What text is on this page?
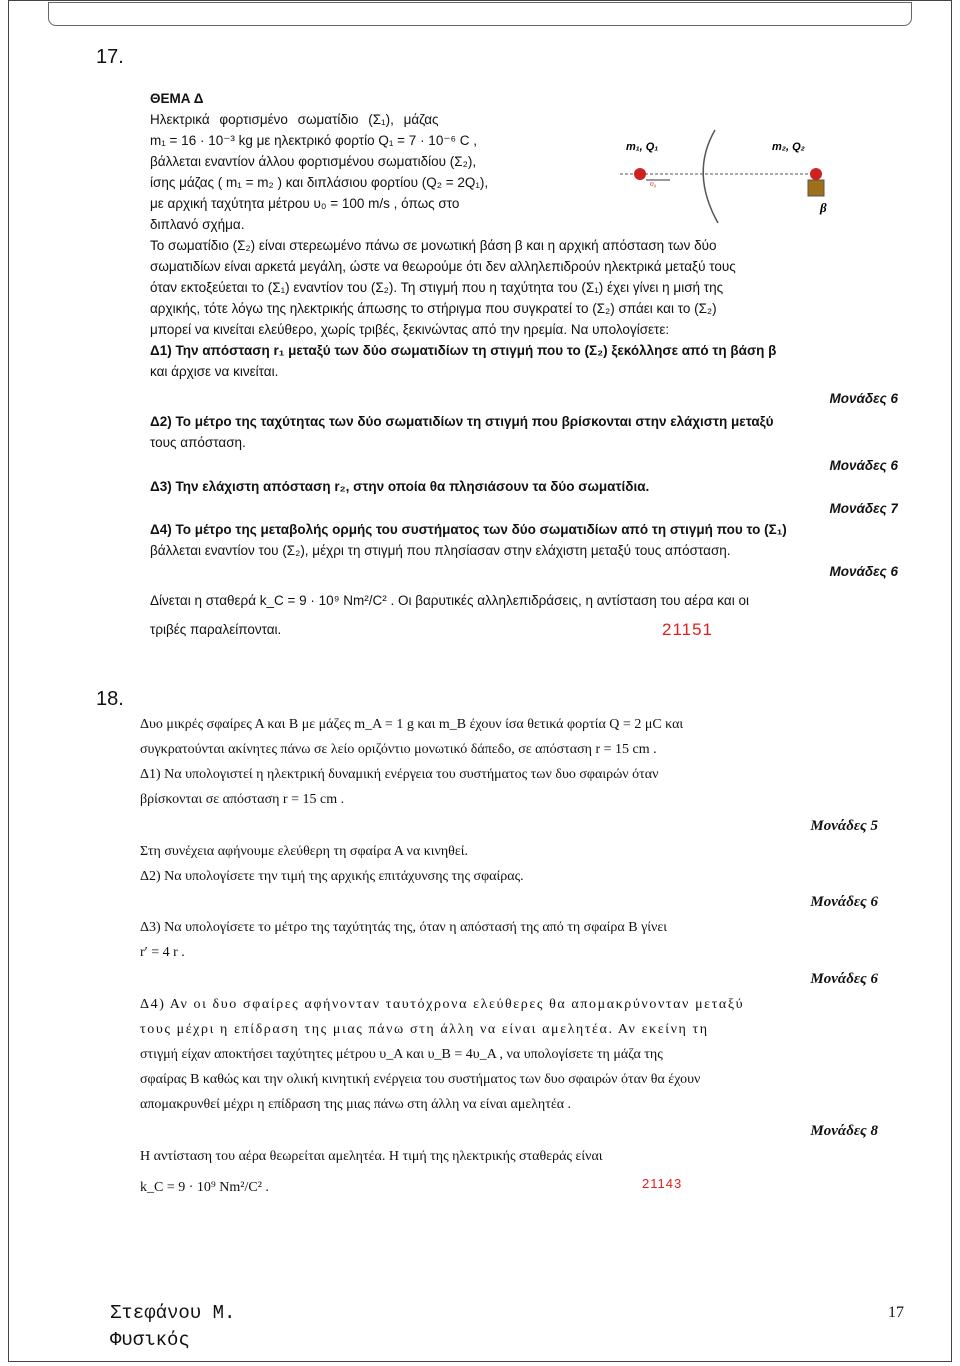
17.
ΘΕΜΑ Δ
Ηλεκτρικά φορτισμένο σωματίδιο (Σ₁), μάζας
m₁ = 16 · 10⁻³ kg με ηλεκτρικό φορτίο Q₁ = 7 · 10⁻⁶ C ,
βάλλεται εναντίον άλλου φορτισμένου σωματιδίου (Σ₂),
ίσης μάζας ( m₁ = m₂ ) και διπλάσιου φορτίου (Q₂ = 2Q₁),
με αρχική ταχύτητα μέτρου υ₀ = 100 m/s , όπως στο
διπλανό σχήμα.
Το σωματίδιο (Σ₂) είναι στερεωμένο πάνω σε μονωτική βάση β και η αρχική απόσταση των δύο
σωματιδίων είναι αρκετά μεγάλη, ώστε να θεωρούμε ότι δεν αλληλεπιδρούν ηλεκτρικά μεταξύ τους
όταν εκτοξεύεται το (Σ₁) εναντίον του (Σ₂). Τη στιγμή που η ταχύτητα του (Σ₁) έχει γίνει η μισή της
αρχικής, τότε λόγω της ηλεκτρικής άπωσης το στήριγμα που συγκρατεί το (Σ₂) σπάει και το (Σ₂)
μπορεί να κινείται ελεύθερο, χωρίς τριβές, ξεκινώντας από την ηρεμία. Να υπολογίσετε:
Δ1) Την απόσταση r₁ μεταξύ των δύο σωματιδίων τη στιγμή που το (Σ₂) ξεκόλλησε από τη βάση β
και άρχισε να κινείται.
Μονάδες 6
Δ2) Το μέτρο της ταχύτητας των δύο σωματιδίων τη στιγμή που βρίσκονται στην ελάχιστη μεταξύ
τους απόσταση.
Μονάδες 6
Δ3) Την ελάχιστη απόσταση r₂, στην οποία θα πλησιάσουν τα δύο σωματίδια.
Μονάδες 7
Δ4) Το μέτρο της μεταβολής ορμής του συστήματος των δύο σωματιδίων από τη στιγμή που το (Σ₁)
βάλλεται εναντίον του (Σ₂), μέχρι τη στιγμή που πλησίασαν στην ελάχιστη μεταξύ τους απόσταση.
Μονάδες 6
Δίνεται η σταθερά k_C = 9 · 10⁹ Nm²/C² . Οι βαρυτικές αλληλεπιδράσεις, η αντίσταση του αέρα και οι
τριβές παραλείπονται.	21151
m₁, Q₁	m₂, Q₂
υ₀
β
18.
Δυο μικρές σφαίρες Α και Β με μάζες m_A = 1 g και m_B έχουν ίσα θετικά φορτία Q = 2 μC και
συγκρατούνται ακίνητες πάνω σε λείο οριζόντιο μονωτικό δάπεδο, σε απόσταση r = 15 cm .
Δ1) Να υπολογιστεί η ηλεκτρική δυναμική ενέργεια του συστήματος των δυο σφαιρών όταν
βρίσκονται σε απόσταση r = 15 cm .
Μονάδες 5
Στη συνέχεια αφήνουμε ελεύθερη τη σφαίρα Α να κινηθεί.
Δ2) Να υπολογίσετε την τιμή της αρχικής επιτάχυνσης της σφαίρας.
Μονάδες 6
Δ3) Να υπολογίσετε το μέτρο της ταχύτητάς της, όταν η απόστασή της από τη σφαίρα Β γίνει
r′ = 4 r .
Μονάδες 6
Δ4) Αν οι δυο σφαίρες αφήνονταν ταυτόχρονα ελεύθερες θα απομακρύνονταν μεταξύ
τους μέχρι η επίδραση της μιας πάνω στη άλλη να είναι αμελητέα. Αν εκείνη τη
στιγμή είχαν αποκτήσει ταχύτητες μέτρου υ_A και υ_B = 4υ_A , να υπολογίσετε τη μάζα της
σφαίρας Β καθώς και την ολική κινητική ενέργεια του συστήματος των δυο σφαιρών όταν θα έχουν
απομακρυνθεί μέχρι η επίδραση της μιας πάνω στη άλλη να είναι αμελητέα .
Μονάδες 8
Η αντίσταση του αέρα θεωρείται αμελητέα. Η τιμή της ηλεκτρικής σταθεράς είναι
k_C = 9 · 10⁹ Nm²/C² .	21143
Στεφάνου Μ.
Φυσικός
17
